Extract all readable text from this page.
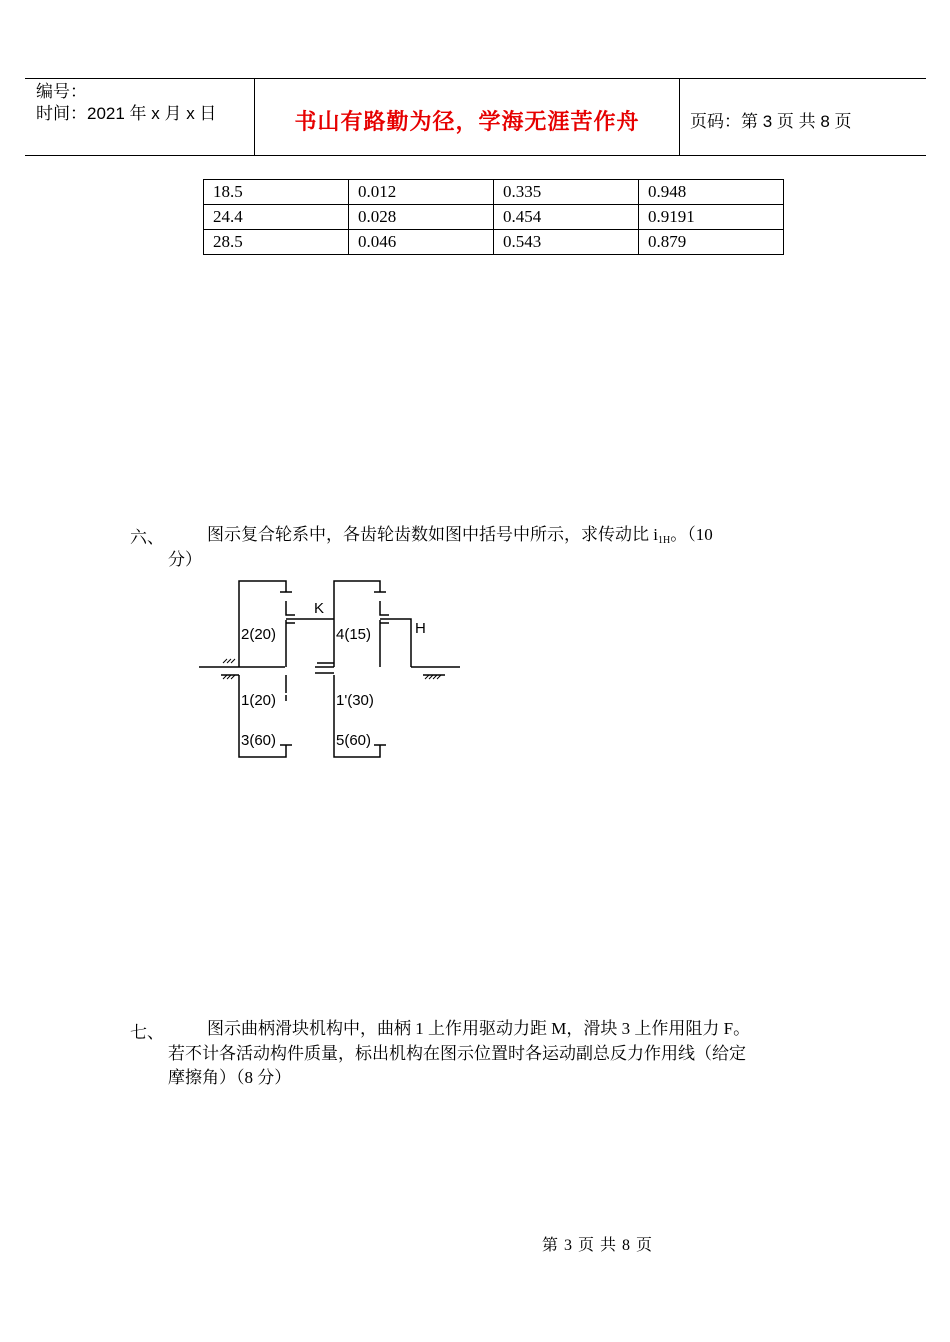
编号：
时间：2021 年 x 月 x 日	书山有路勤为径，学海无涯苦作舟	页码：第 3 页 共 8 页
18.5	0.012	0.335	0.948
24.4	0.028	0.454	0.9191
28.5	0.046	0.543	0.879
六、	图示复合轮系中，各齿轮齿数如图中括号中所示，求传动比 $i_{1H}$。（10
分）
K
H
2(20)	4(15)
1(20)	1'(30)
3(60)	5(60)
七、	图示曲柄滑块机构中，曲柄 1 上作用驱动力距 M，滑块 3 上作用阻力 F。
若不计各活动构件质量，标出机构在图示位置时各运动副总反力作用线（给定
摩擦角）（8 分）
第 3 页 共 8 页
